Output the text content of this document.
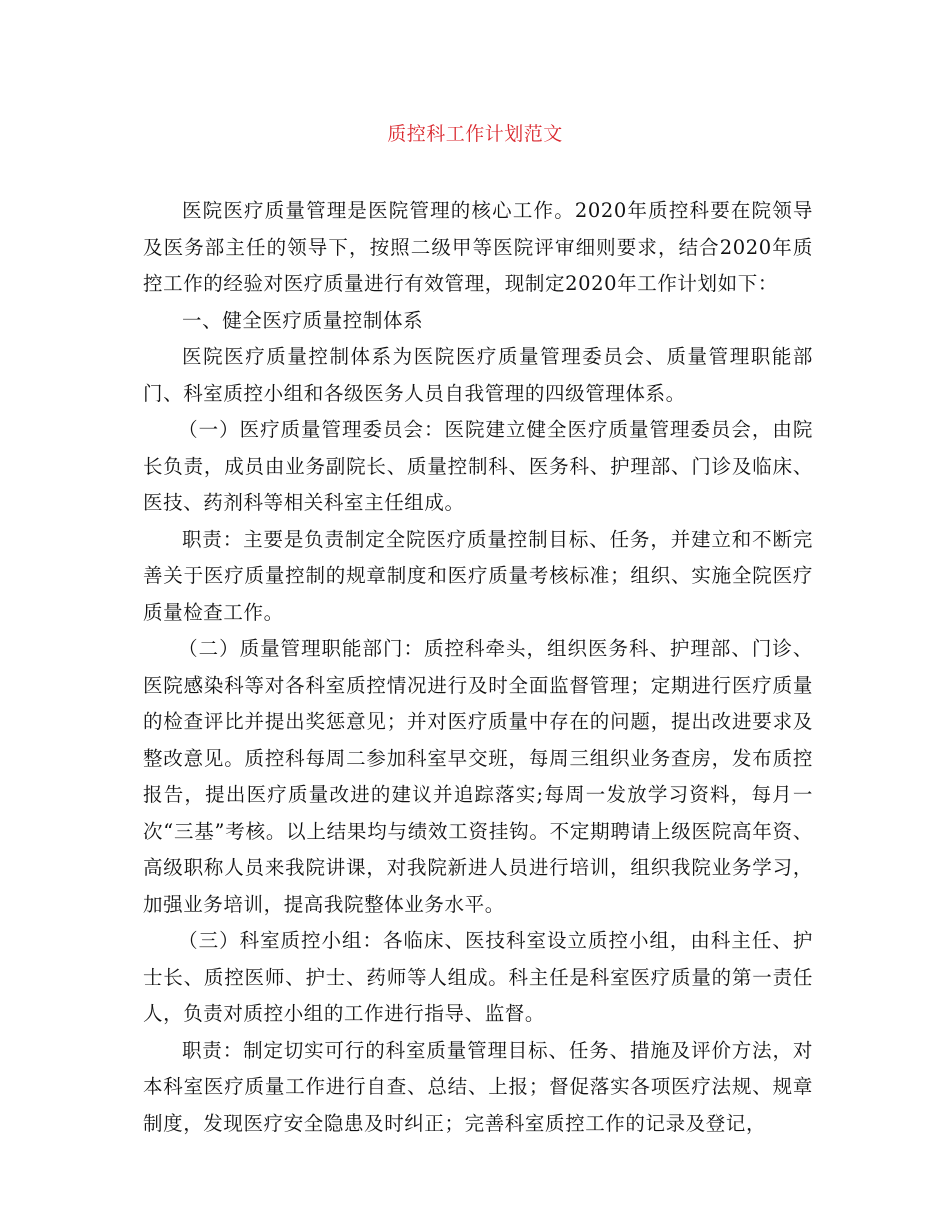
质控科工作计划范文

医院医疗质量管理是医院管理的核心工作。2020年质控科要在院领导及医务部主任的领导下，按照二级甲等医院评审细则要求，结合2020年质控工作的经验对医疗质量进行有效管理，现制定2020年工作计划如下：

一、健全医疗质量控制体系

医院医疗质量控制体系为医院医疗质量管理委员会、质量管理职能部门、科室质控小组和各级医务人员自我管理的四级管理体系。

（一）医疗质量管理委员会：医院建立健全医疗质量管理委员会，由院长负责，成员由业务副院长、质量控制科、医务科、护理部、门诊及临床、医技、药剂科等相关科室主任组成。

职责：主要是负责制定全院医疗质量控制目标、任务，并建立和不断完善关于医疗质量控制的规章制度和医疗质量考核标准；组织、实施全院医疗质量检查工作。

（二）质量管理职能部门：质控科牵头，组织医务科、护理部、门诊、医院感染科等对各科室质控情况进行及时全面监督管理；定期进行医疗质量的检查评比并提出奖惩意见；并对医疗质量中存在的问题，提出改进要求及整改意见。质控科每周二参加科室早交班，每周三组织业务查房，发布质控报告，提出医疗质量改进的建议并追踪落实;每周一发放学习资料，每月一次“三基”考核。以上结果均与绩效工资挂钩。不定期聘请上级医院高年资、高级职称人员来我院讲课，对我院新进人员进行培训，组织我院业务学习，加强业务培训，提高我院整体业务水平。

（三）科室质控小组：各临床、医技科室设立质控小组，由科主任、护士长、质控医师、护士、药师等人组成。科主任是科室医疗质量的第一责任人，负责对质控小组的工作进行指导、监督。

职责：制定切实可行的科室质量管理目标、任务、措施及评价方法，对本科室医疗质量工作进行自查、总结、上报；督促落实各项医疗法规、规章制度，发现医疗安全隐患及时纠正；完善科室质控工作的记录及登记，
